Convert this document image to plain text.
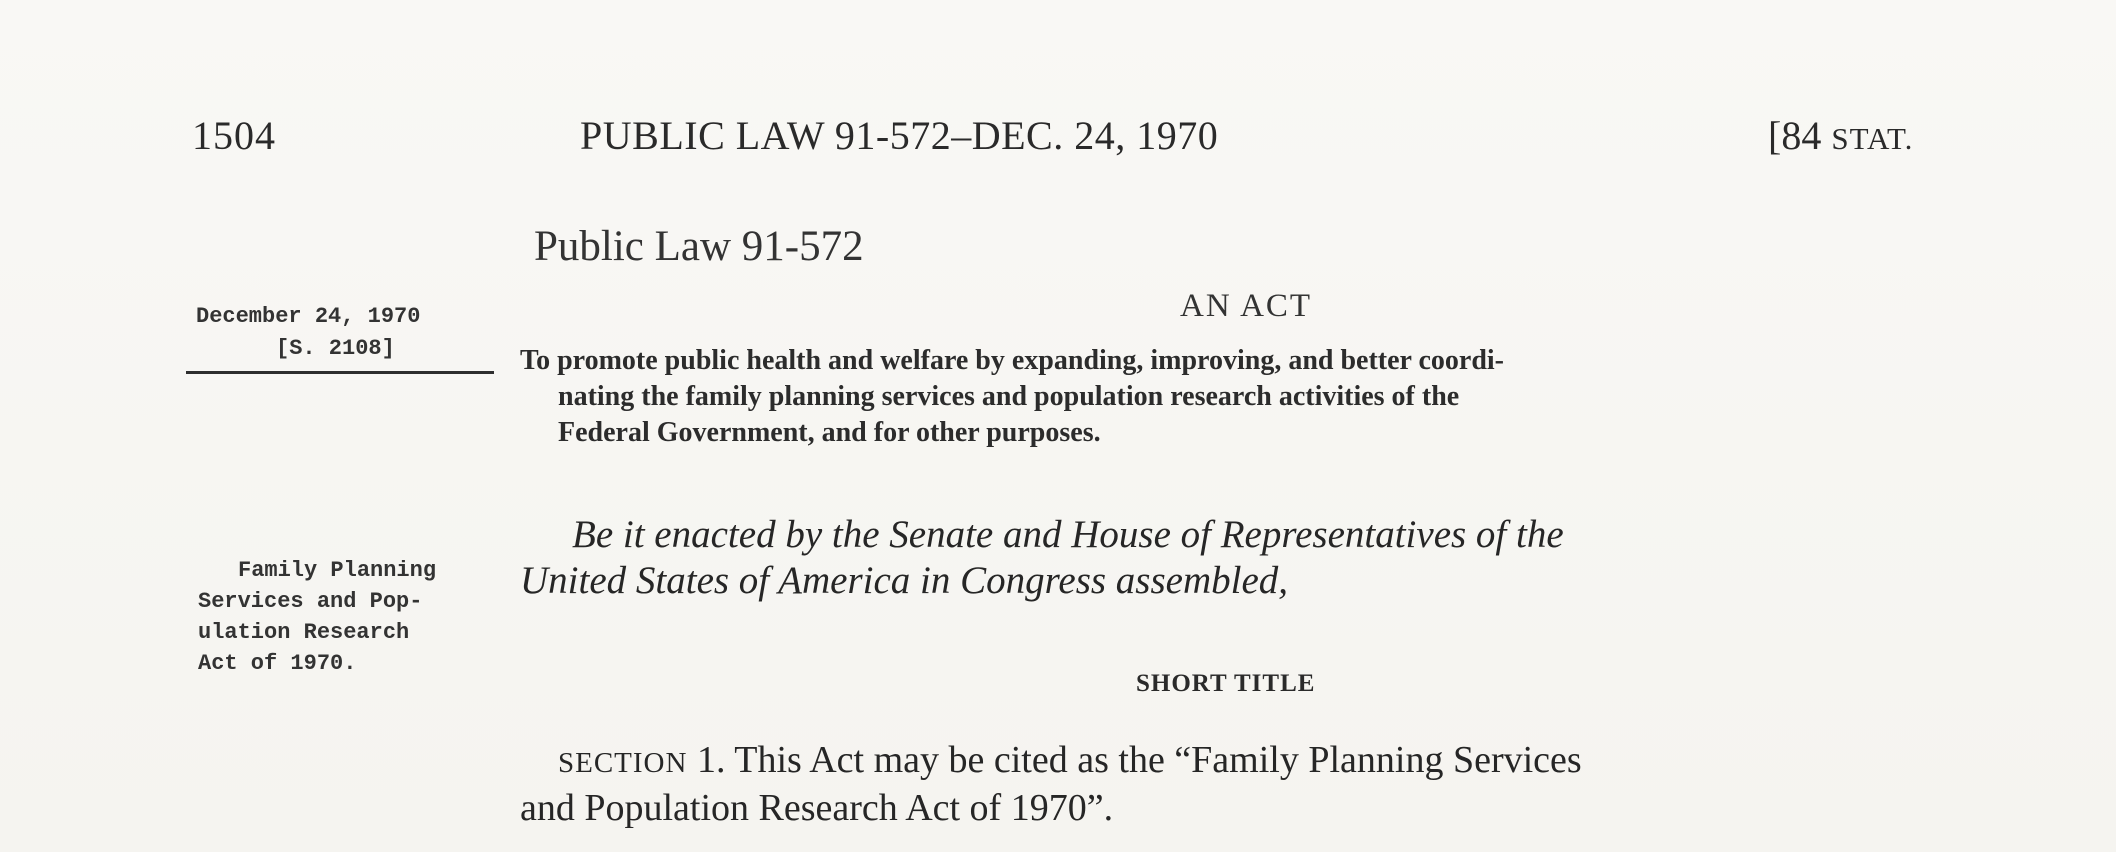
1504	PUBLIC LAW 91-572–DEC. 24, 1970	[84 STAT.
Public Law 91-572
December 24, 1970
[S. 2108]
AN ACT
To promote public health and welfare by expanding, improving, and better coordi-
nating the family planning services and population research activities of the
Federal Government, and for other purposes.
Be it enacted by the Senate and House of Representatives of the
United States of America in Congress assembled,
Family Planning
Services and Pop-
ulation Research
Act of 1970.
SHORT TITLE
SECTION 1. This Act may be cited as the “Family Planning Services
and Population Research Act of 1970”.
